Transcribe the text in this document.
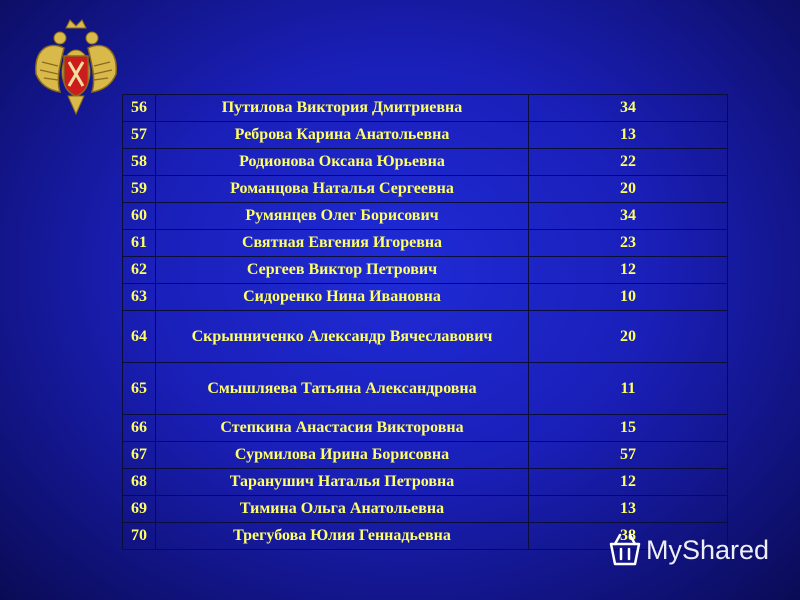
56	Путилова Виктория Дмитриевна	34
57	Реброва Карина Анатольевна	13
58	Родионова Оксана Юрьевна	22
59	Романцова Наталья Сергеевна	20
60	Румянцев Олег Борисович	34
61	Святная Евгения Игоревна	23
62	Сергеев Виктор Петрович	12
63	Сидоренко Нина Ивановна	10
64	Скрынниченко Александр Вячеславович	20
65	Смышляева Татьяна Александровна	11
66	Степкина Анастасия Викторовна	15
67	Сурмилова Ирина Борисовна	57
68	Таранушич Наталья Петровна	12
69	Тимина Ольга Анатольевна	13
70	Трегубова Юлия Геннадьевна	38 MyShared
